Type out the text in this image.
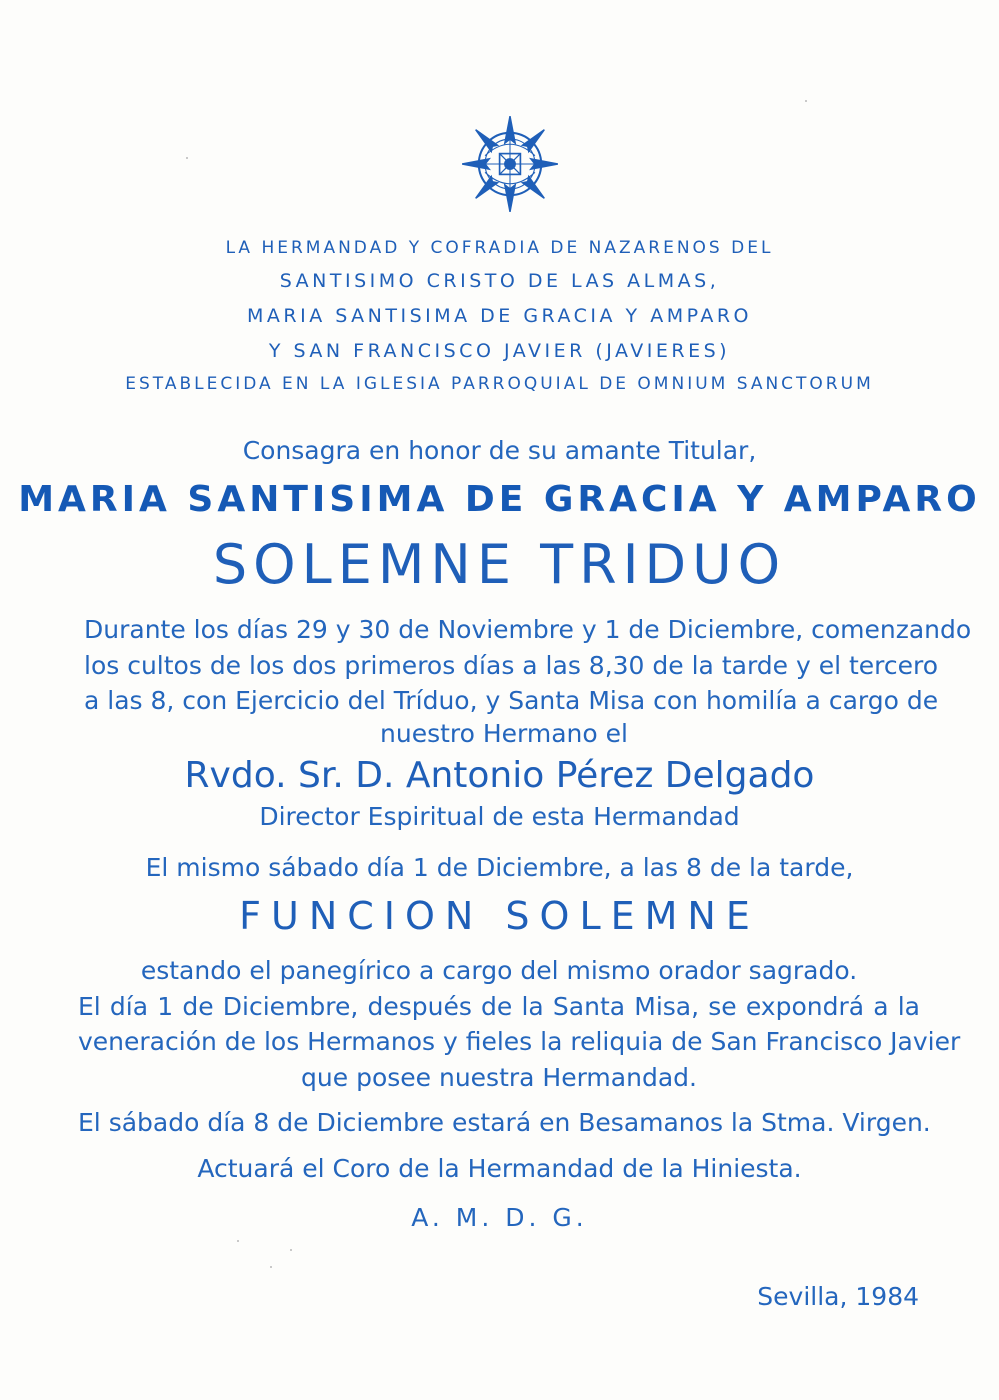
LA HERMANDAD Y COFRADIA DE NAZARENOS DEL
SANTISIMO CRISTO DE LAS ALMAS,
MARIA SANTISIMA DE GRACIA Y AMPARO
Y SAN FRANCISCO JAVIER (JAVIERES)
ESTABLECIDA EN LA IGLESIA PARROQUIAL DE OMNIUM SANCTORUM
Consagra en honor de su amante Titular,
MARIA SANTISIMA DE GRACIA Y AMPARO
SOLEMNE TRIDUO
Durante los días 29 y 30 de Noviembre y 1 de Diciembre, comenzando
los cultos de los dos primeros días a las 8,30 de la tarde y el tercero
a las 8, con Ejercicio del Tríduo, y Santa Misa con homilía a cargo de
nuestro Hermano el
Rvdo. Sr. D. Antonio Pérez Delgado
Director Espiritual de esta Hermandad
El mismo sábado día 1 de Diciembre, a las 8 de la tarde,
FUNCION SOLEMNE
estando el panegírico a cargo del mismo orador sagrado.
El día 1 de Diciembre, después de la Santa Misa, se expondrá a la
veneración de los Hermanos y fieles la reliquia de San Francisco Javier
que posee nuestra Hermandad.
El sábado día 8 de Diciembre estará en Besamanos la Stma. Virgen.
Actuará el Coro de la Hermandad de la Hiniesta.
A. M. D. G.
Sevilla, 1984
